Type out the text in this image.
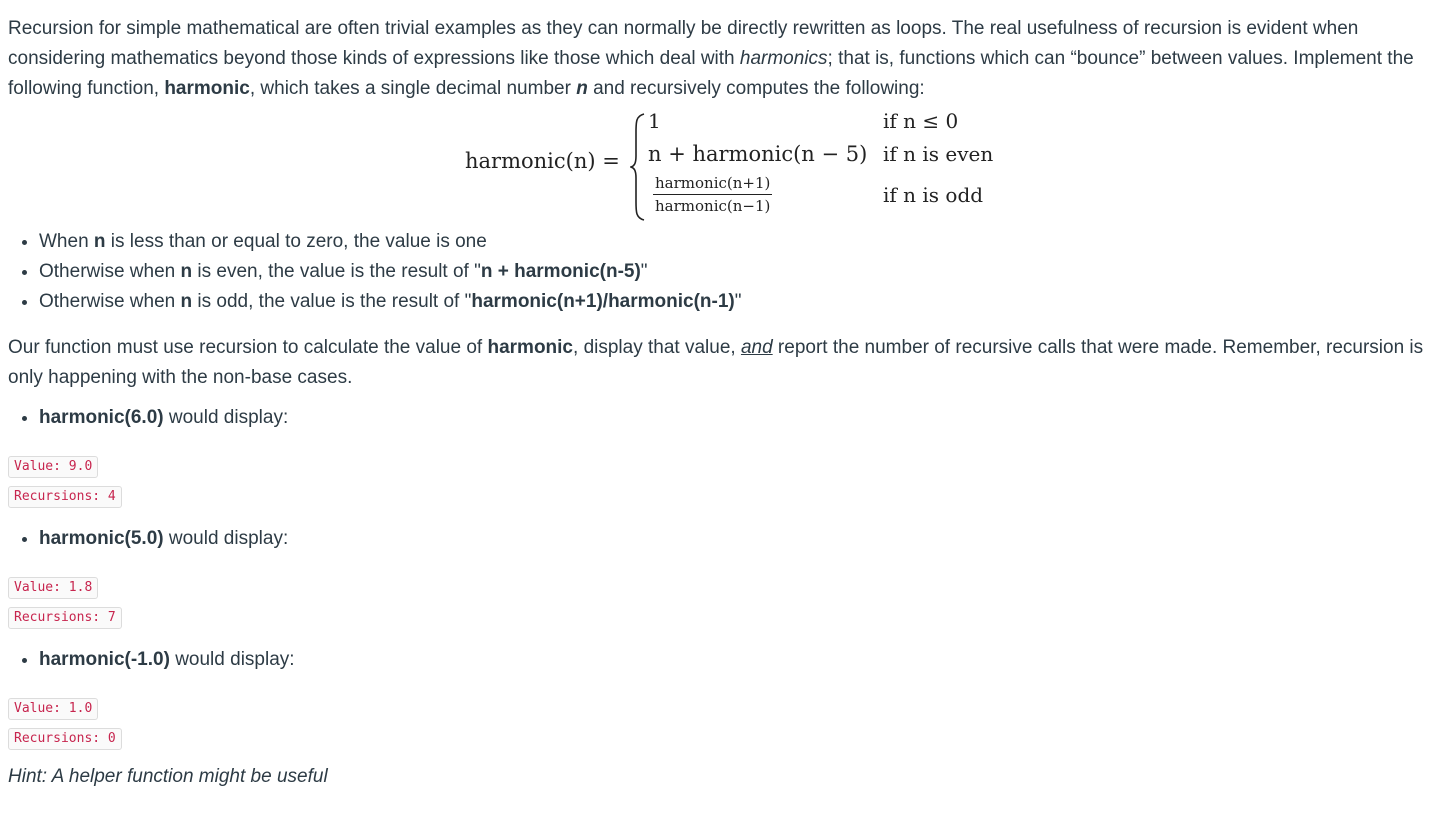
Recursion for simple mathematical are often trivial examples as they can normally be directly rewritten as loops. The real usefulness of recursion is evident when considering mathematics beyond those kinds of expressions like those which deal with harmonics; that is, functions which can “bounce” between values. Implement the following function, harmonic, which takes a single decimal number n and recursively computes the following:

harmonic(n) =
1
n + harmonic(n − 5)
harmonic(n+1)
harmonic(n−1)
if n ≤ 0
if n is even
if n is odd
• When n is less than or equal to zero, the value is one
• Otherwise when n is even, the value is the result of "n + harmonic(n-5)"
• Otherwise when n is odd, the value is the result of "harmonic(n+1)/harmonic(n-1)"

Our function must use recursion to calculate the value of harmonic, display that value, and report the number of recursive calls that were made. Remember, recursion is only happening with the non-base cases.

• harmonic(6.0) would display:
Value: 9.0
Recursions: 4
• harmonic(5.0) would display:
Value: 1.8
Recursions: 7
• harmonic(-1.0) would display:
Value: 1.0
Recursions: 0

Hint: A helper function might be useful
